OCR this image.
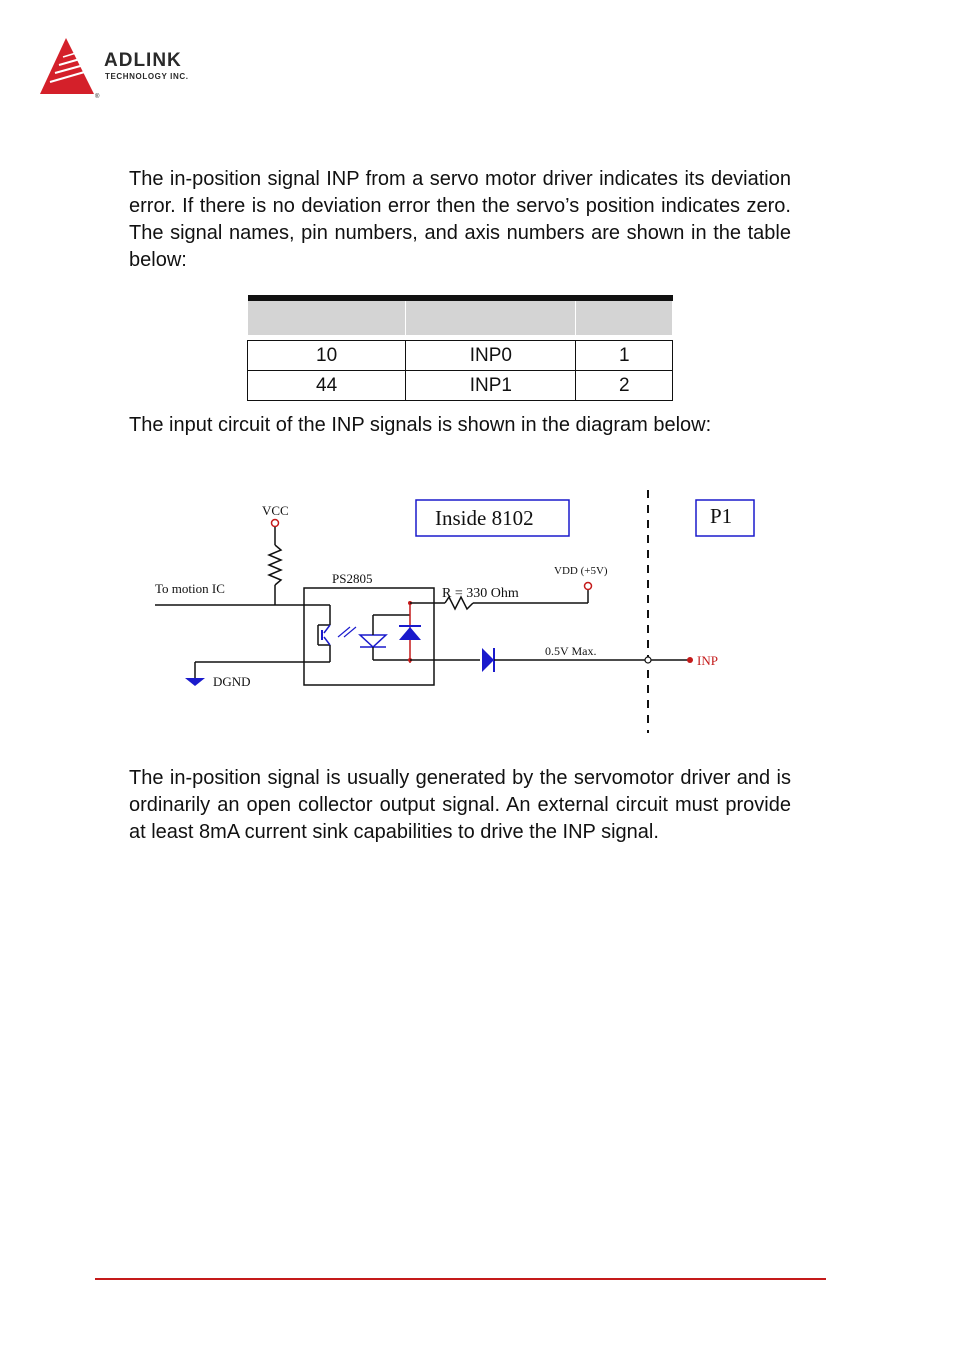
®
ADLINK
TECHNOLOGY INC.

The in-position signal INP from a servo motor driver indicates its deviation error. If there is no deviation error then the servo’s position indicates zero. The signal names, pin numbers, and axis numbers are shown in the table below:

10	INP0	1
44	INP1	2

The input circuit of the INP signals is shown in the diagram below:

Inside 8102	P1
VCC
To motion IC
DGND
PS2805	VDD (+5V)
R = 330 Ohm
0.5V Max.
INP

The in-position signal is usually generated by the servomotor driver and is ordinarily an open collector output signal. An external circuit must provide at least 8mA current sink capabilities to drive the INP signal.
